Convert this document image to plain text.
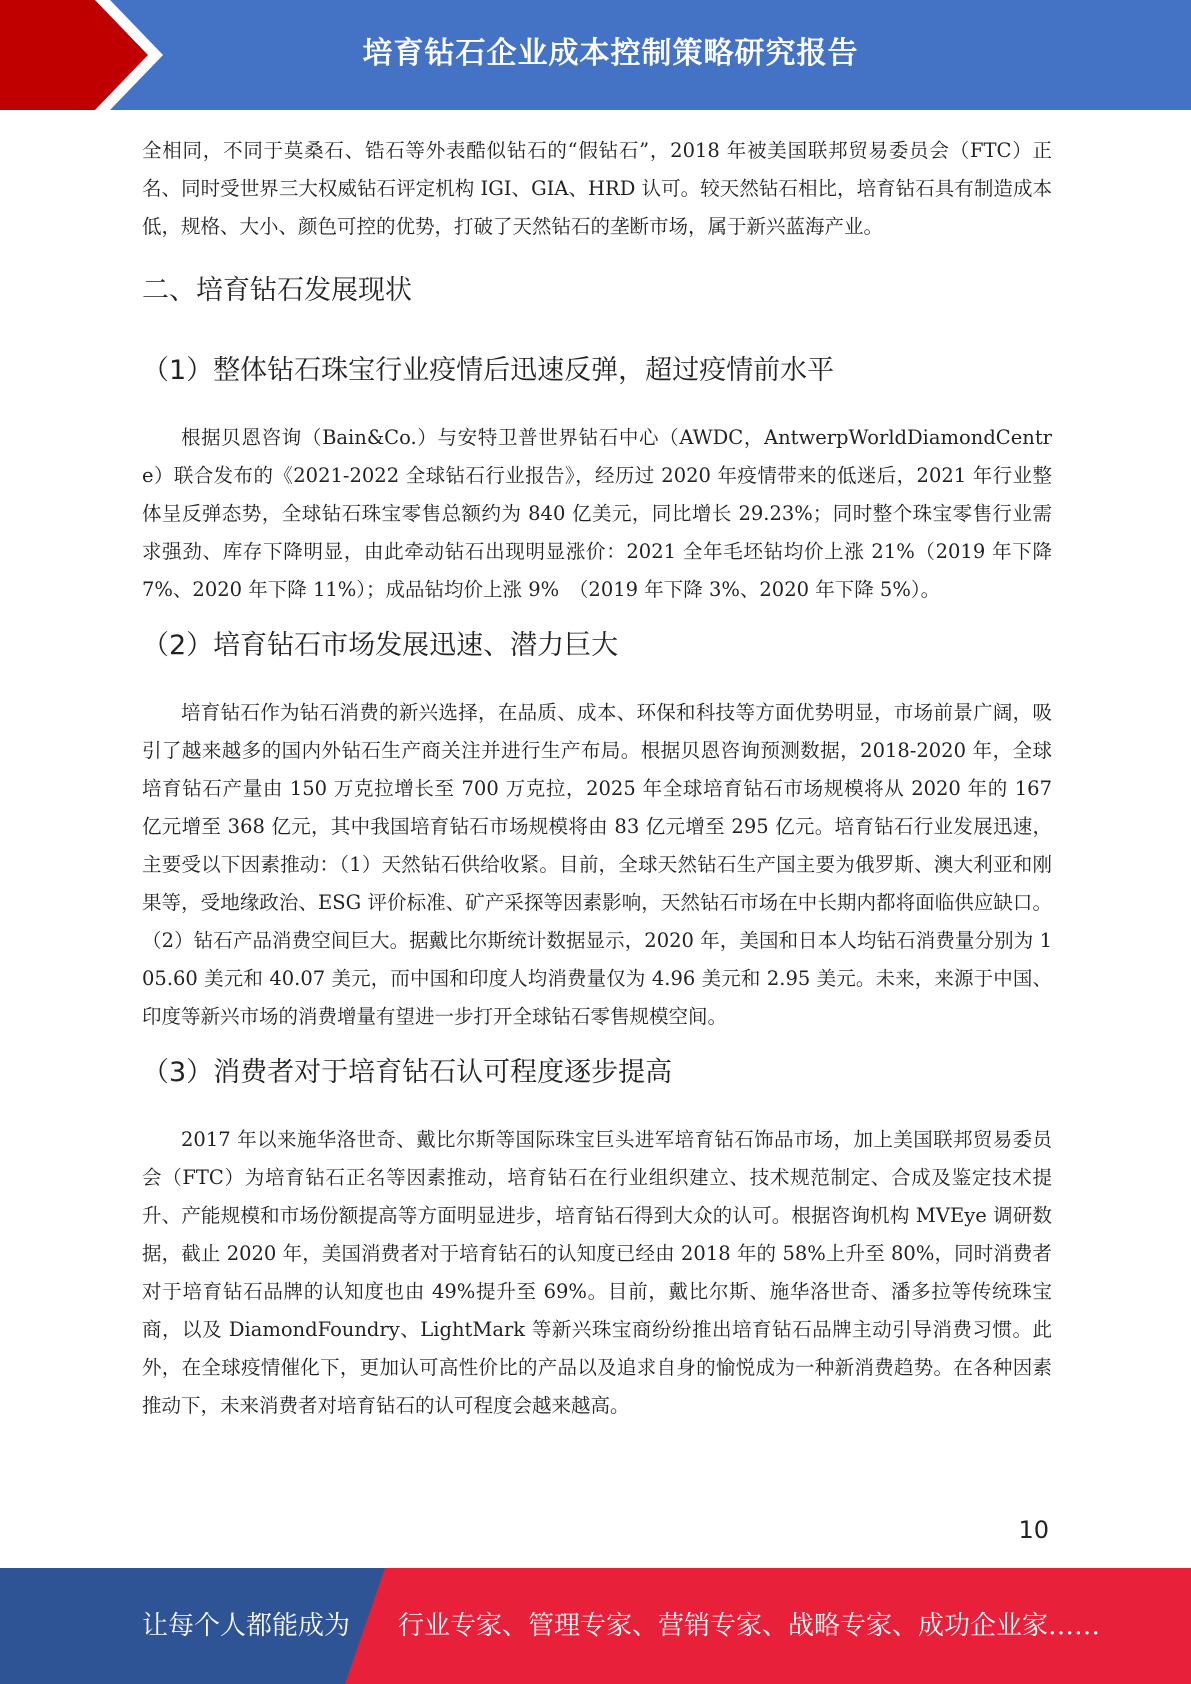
培育钻石企业成本控制策略研究报告

全相同，不同于莫桑石、锆石等外表酷似钻石的“假钻石”，2018 年被美国联邦贸易委员会（FTC）正名、同时受世界三大权威钻石评定机构 IGI、GIA、HRD 认可。较天然钻石相比，培育钻石具有制造成本低，规格、大小、颜色可控的优势，打破了天然钻石的垄断市场，属于新兴蓝海产业。

二、培育钻石发展现状
（1）整体钻石珠宝行业疫情后迅速反弹，超过疫情前水平

根据贝恩咨询（Bain&Co.）与安特卫普世界钻石中心（AWDC，AntwerpWorldDiamondCentre）联合发布的《2021-2022 全球钻石行业报告》，经历过 2020 年疫情带来的低迷后，2021 年行业整体呈反弹态势，全球钻石珠宝零售总额约为 840 亿美元，同比增长 29.23%；同时整个珠宝零售行业需求强劲、库存下降明显，由此牵动钻石出现明显涨价：2021 全年毛坯钻均价上涨 21%（2019 年下降 7%、2020 年下降 11%）；成品钻均价上涨 9%　（2019 年下降 3%、2020 年下降 5%）。

（2）培育钻石市场发展迅速、潜力巨大

培育钻石作为钻石消费的新兴选择，在品质、成本、环保和科技等方面优势明显，市场前景广阔，吸引了越来越多的国内外钻石生产商关注并进行生产布局。根据贝恩咨询预测数据，2018-2020 年，全球培育钻石产量由 150 万克拉增长至 700 万克拉，2025 年全球培育钻石市场规模将从 2020 年的 167 亿元增至 368 亿元，其中我国培育钻石市场规模将由 83 亿元增至 295 亿元。培育钻石行业发展迅速，主要受以下因素推动：（1）天然钻石供给收紧。目前，全球天然钻石生产国主要为俄罗斯、澳大利亚和刚果等，受地缘政治、ESG 评价标准、矿产采探等因素影响，天然钻石市场在中长期内都将面临供应缺口。（2）钻石产品消费空间巨大。据戴比尔斯统计数据显示，2020 年，美国和日本人均钻石消费量分别为 105.60 美元和 40.07 美元，而中国和印度人均消费量仅为 4.96 美元和 2.95 美元。未来，来源于中国、印度等新兴市场的消费增量有望进一步打开全球钻石零售规模空间。

（3）消费者对于培育钻石认可程度逐步提高

2017 年以来施华洛世奇、戴比尔斯等国际珠宝巨头进军培育钻石饰品市场，加上美国联邦贸易委员会（FTC）为培育钻石正名等因素推动，培育钻石在行业组织建立、技术规范制定、合成及鉴定技术提升、产能规模和市场份额提高等方面明显进步，培育钻石得到大众的认可。根据咨询机构 MVEye 调研数据，截止 2020 年，美国消费者对于培育钻石的认知度已经由 2018 年的 58%上升至 80%，同时消费者对于培育钻石品牌的认知度也由 49%提升至 69%。目前，戴比尔斯、施华洛世奇、潘多拉等传统珠宝商，以及 DiamondFoundry、LightMark 等新兴珠宝商纷纷推出培育钻石品牌主动引导消费习惯。此外，在全球疫情催化下，更加认可高性价比的产品以及追求自身的愉悦成为一种新消费趋势。在各种因素推动下，未来消费者对培育钻石的认可程度会越来越高。

10
让每个人都能成为 行业专家、管理专家、营销专家、战略专家、成功企业家……
